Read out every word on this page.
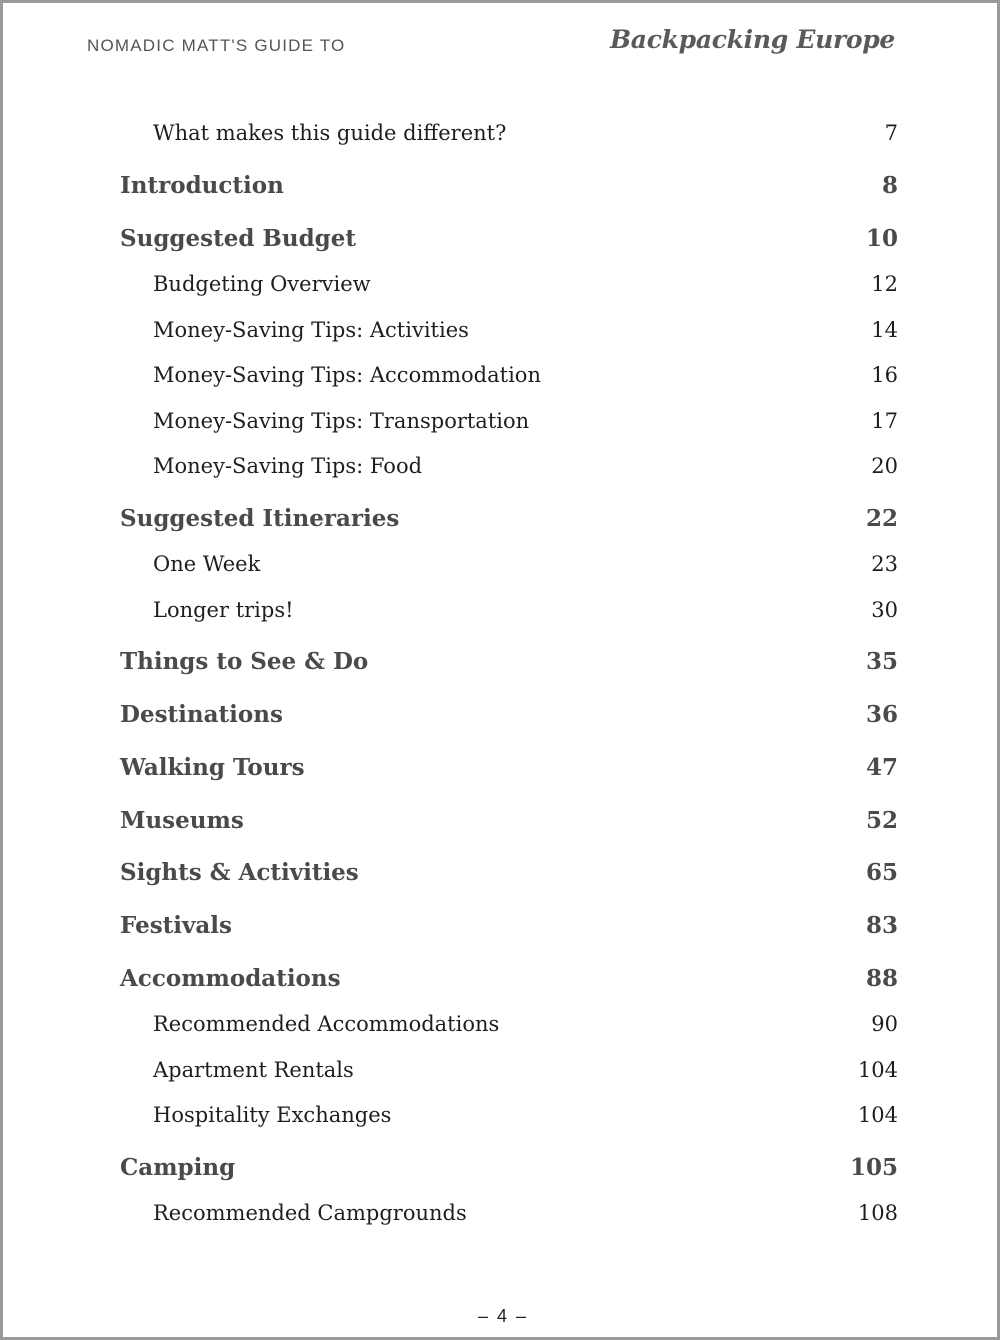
NOMADIC MATT'S GUIDE TO	Backpacking Europe
What makes this guide different?	7
Introduction	8
Suggested Budget	10
Budgeting Overview	12
Money-Saving Tips: Activities	14
Money-Saving Tips: Accommodation	16
Money-Saving Tips: Transportation	17
Money-Saving Tips: Food	20
Suggested Itineraries	22
One Week	23
Longer trips!	30
Things to See & Do	35
Destinations	36
Walking Tours	47
Museums	52
Sights & Activities	65
Festivals	83
Accommodations	88
Recommended Accommodations	90
Apartment Rentals	104
Hospitality Exchanges	104
Camping	105
Recommended Campgrounds	108
– 4 –
